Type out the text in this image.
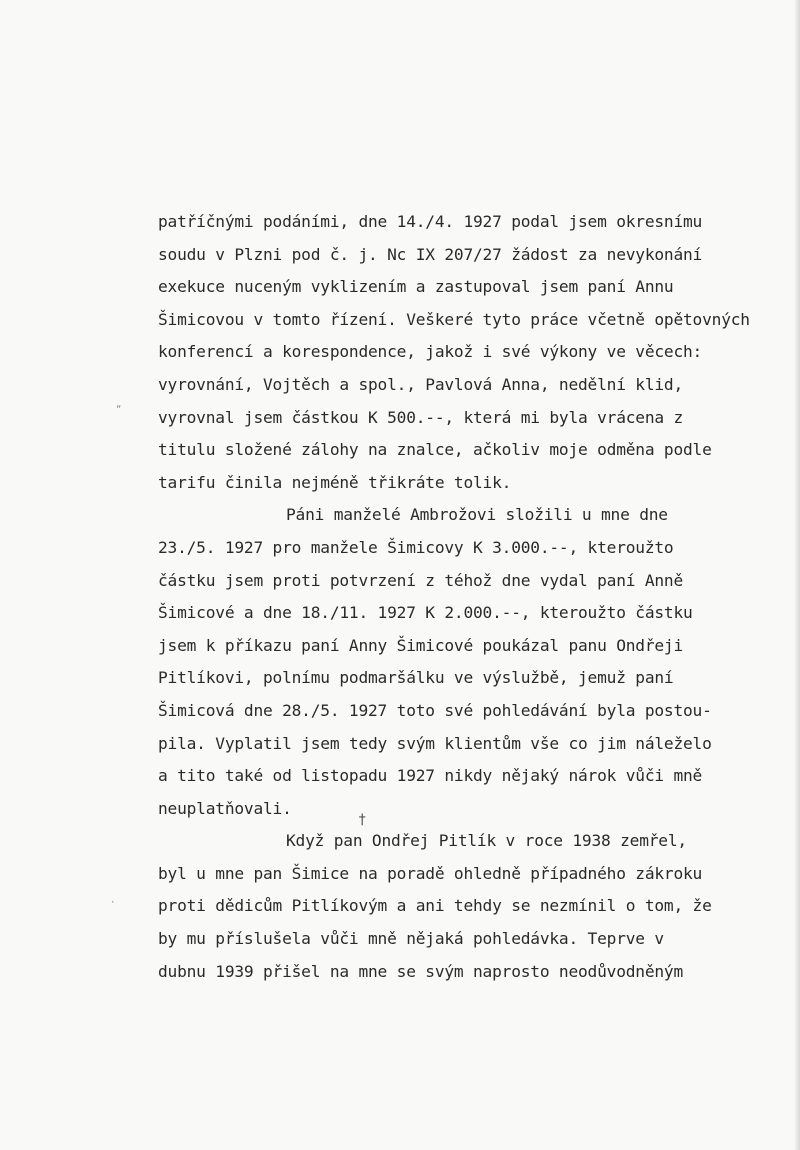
“
·
†
patříčnými podáními, dne 14./4. 1927 podal jsem okresnímu
soudu v Plzni pod č. j. Nc IX 207/27 žádost za nevykonání
exekuce nuceným vyklizením a zastupoval jsem paní Annu
Šimicovou v tomto řízení. Veškeré tyto práce včetně opětovných
konferencí a korespondence, jakož i své výkony ve věcech:
vyrovnání, Vojtěch a spol., Pavlová Anna, nedělní klid,
vyrovnal jsem částkou K 500.--, která mi byla vrácena z
titulu složené zálohy na znalce, ačkoliv moje odměna podle
tarifu činila nejméně třikráte tolik.
Páni manželé Ambrožovi složili u mne dne
23./5. 1927 pro manžele Šimicovy K 3.000.--, kteroužto
částku jsem proti potvrzení z téhož dne vydal paní Anně
Šimicové a dne 18./11. 1927 K 2.000.--, kteroužto částku
jsem k příkazu paní Anny Šimicové poukázal panu Ondřeji
Pitlíkovi, polnímu podmaršálku ve výslužbě, jemuž paní
Šimicová dne 28./5. 1927 toto své pohledávání byla postou-
pila. Vyplatil jsem tedy svým klientům vše co jim náleželo
a tito také od listopadu 1927 nikdy nějaký nárok vůči mně
neuplatňovali.
Když pan Ondřej Pitlík v roce 1938 zemřel,
byl u mne pan Šimice na poradě ohledně případného zákroku
proti dědicům Pitlíkovým a ani tehdy se nezmínil o tom, že
by mu příslušela vůči mně nějaká pohledávka. Teprve v
dubnu 1939 přišel na mne se svým naprosto neodůvodněným
